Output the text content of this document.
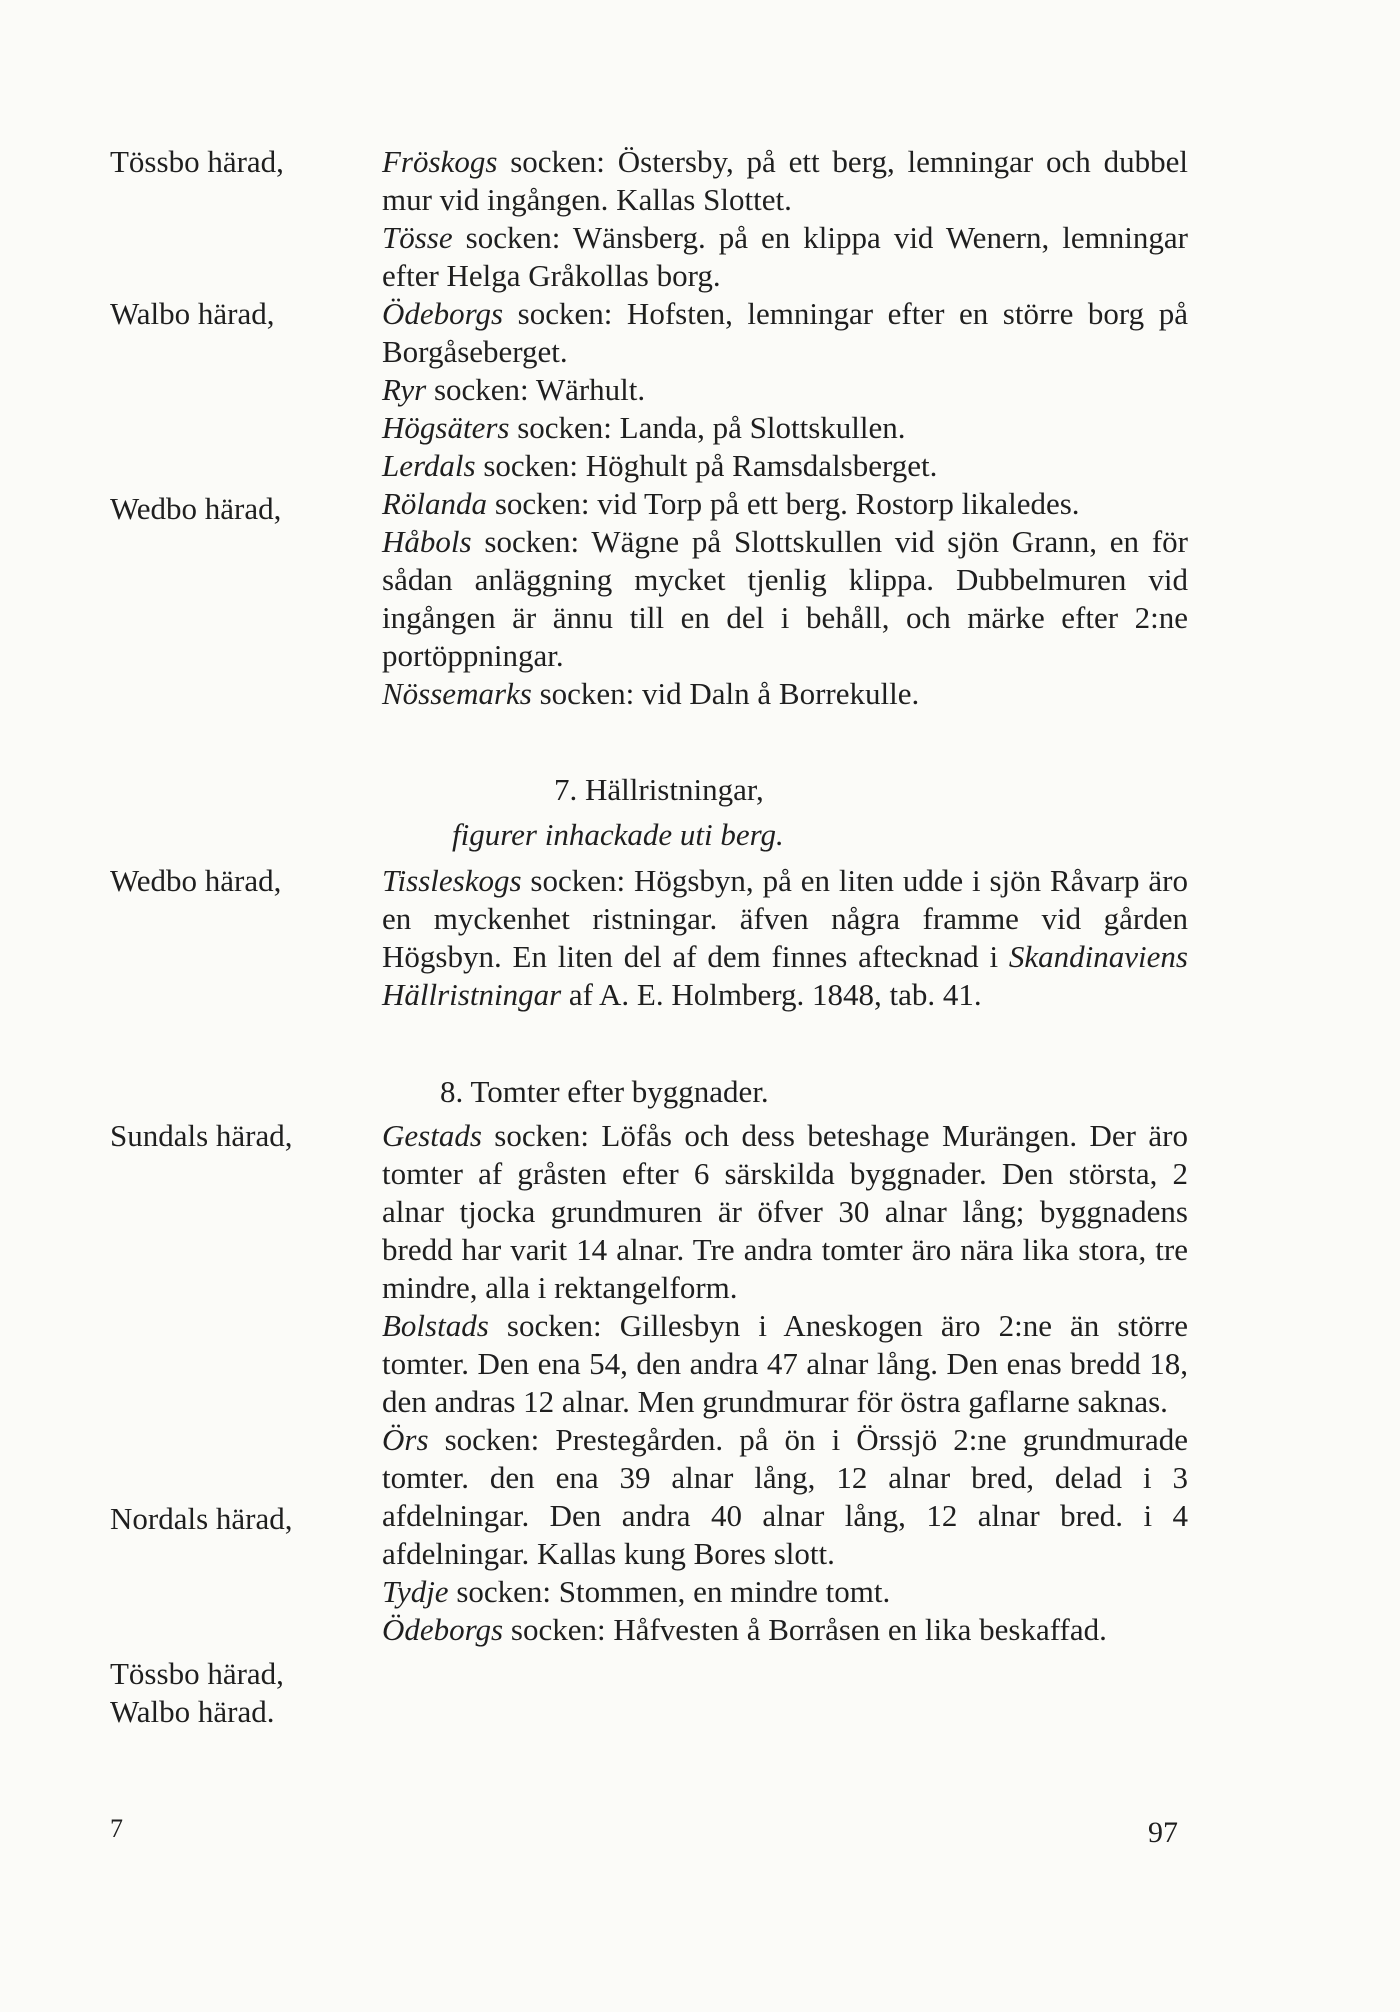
Tössbo härad,
Walbo härad,
Wedbo härad,
Wedbo härad,
Sundals härad,
Nordals härad,
Tössbo härad,
Walbo härad.

Fröskogs socken: Östersby, på ett berg, lemningar och dubbel mur vid ingången. Kallas Slottet.

Tösse socken: Wänsberg. på en klippa vid Wenern, lemningar efter Helga Gråkollas borg.

Ödeborgs socken: Hofsten, lemningar efter en större borg på Borgåseberget.

Ryr socken: Wärhult.

Högsäters socken: Landa, på Slottskullen.

Lerdals socken: Höghult på Ramsdalsberget.

Rölanda socken: vid Torp på ett berg. Rostorp likaledes.

Håbols socken: Wägne på Slottskullen vid sjön Grann, en för sådan anläggning mycket tjenlig klippa. Dubbelmuren vid ingången är ännu till en del i behåll, och märke efter 2:ne portöppningar.

Nössemarks socken: vid Daln å Borrekulle.

7. Hällristningar,
figurer inhackade uti berg.

Tissleskogs socken: Högsbyn, på en liten udde i sjön Råvarp äro en myckenhet ristningar. äfven några framme vid gården Högsbyn. En liten del af dem finnes aftecknad i Skandinaviens Hällristningar af A. E. Holmberg. 1848, tab. 41.

8. Tomter efter byggnader.

Gestads socken: Löfås och dess beteshage Murängen. Der äro tomter af gråsten efter 6 särskilda byggnader. Den största, 2 alnar tjocka grundmuren är öfver 30 alnar lång; byggnadens bredd har varit 14 alnar. Tre andra tomter äro nära lika stora, tre mindre, alla i rektangelform.

Bolstads socken: Gillesbyn i Aneskogen äro 2:ne än större tomter. Den ena 54, den andra 47 alnar lång. Den enas bredd 18, den andras 12 alnar. Men grundmurar för östra gaflarne saknas.

Örs socken: Prestegården. på ön i Örssjö 2:ne grundmurade tomter. den ena 39 alnar lång, 12 alnar bred, delad i 3 afdelningar. Den andra 40 alnar lång, 12 alnar bred. i 4 afdelningar. Kallas kung Bores slott.

Tydje socken: Stommen, en mindre tomt.

Ödeborgs socken: Håfvesten å Borråsen en lika beskaffad.

7	97
